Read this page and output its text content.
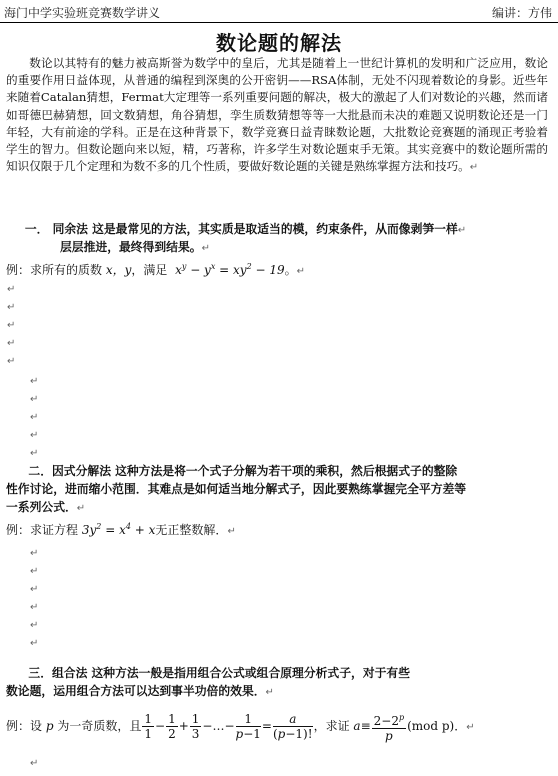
海门中学实验班竞赛数学讲义	编讲：方伟
数论题的解法

数论以其特有的魅力被高斯誉为数学中的皇后，尤其是随着上一世纪计算机的发明和广泛应用，数论的重要作用日益体现，从普通的编程到深奥的公开密钥——RSA体制，无处不闪现着数论的身影。近些年来随着Catalan猜想，Fermat大定理等一系列重要问题的解决，极大的激起了人们对数论的兴趣，然而诸如哥德巴赫猜想，回文数猜想，角谷猜想，孪生质数猜想等等一大批悬而未决的难题又说明数论还是一门年轻，大有前途的学科。正是在这种背景下，数学竞赛日益青睐数论题，大批数论竞赛题的涌现正考验着学生的智力。但数论题向来以短，精，巧著称，许多学生对数论题束手无策。其实竞赛中的数论题所需的知识仅限于几个定理和为数不多的几个性质，要做好数论题的关键是熟练掌握方法和技巧。↵

一． 同余法 这是最常见的方法，其实质是取适当的模，约束条件，从而像剥笋一样↵

层层推进，最终得到结果。↵

例：求所有的质数 x，y，满足  $x^y - y^x = xy^2 - 19$。↵

↵
↵
↵
↵
↵
↵
↵
↵
↵
↵

二．因式分解法 这种方法是将一个式子分解为若干项的乘积，然后根据式子的整除

性作讨论，进而缩小范围．其难点是如何适当地分解式子，因此要熟练掌握完全平方差等

一系列公式．↵

例：求证方程 $3y^2 = x^4 + x$无正整数解．↵

↵
↵
↵
↵
↵
↵

三．组合法 这种方法一般是指用组合公式或组合原理分析式子，对于有些

数论题，运用组合方法可以达到事半功倍的效果．↵

例：设 p 为一奇质数，且 $\frac{1}{1} - \frac{1}{2} + \frac{1}{3}$ −…− $\frac{1}{p-1} = \frac{a}{(p-1)!}$ ，求证 $a\equiv \frac{2-2^p}{p} (mod$ p)．↵
↵
